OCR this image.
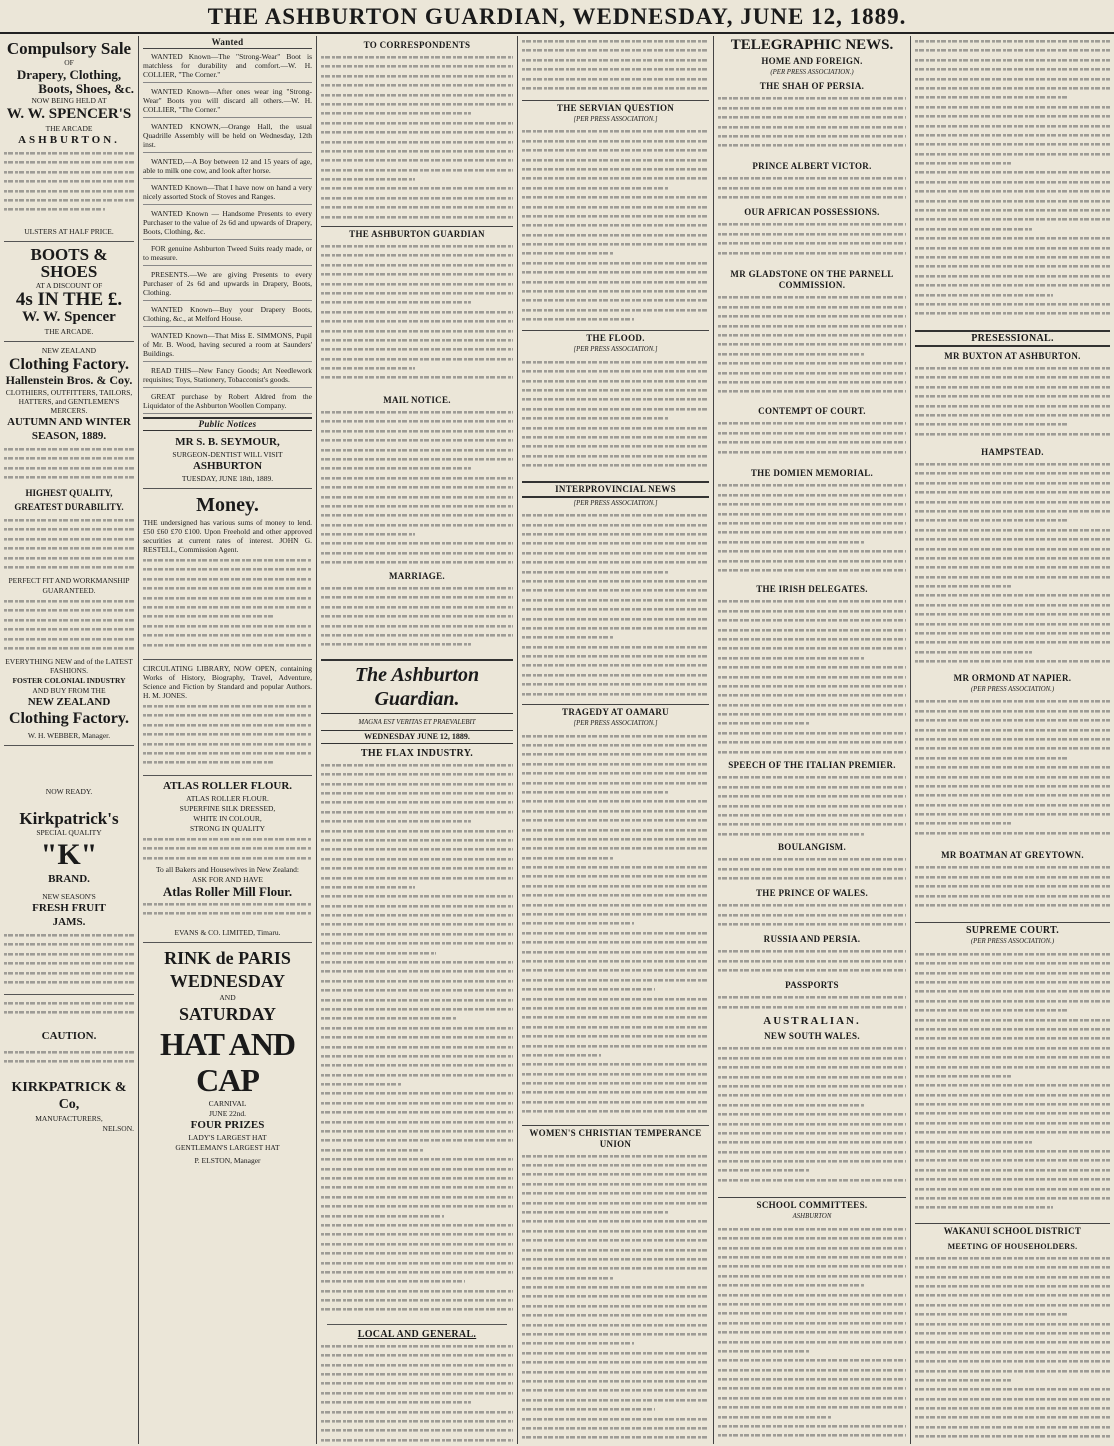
THE ASHBURTON GUARDIAN, WEDNESDAY, JUNE 12, 1889.

Compulsory Sale

OF

Drapery, Clothing,

Boots, Shoes, &c.

NOW BEING HELD AT

W. W. SPENCER'S

THE ARCADE

ASHBURTON.

ULSTERS AT HALF PRICE.

BOOTS & SHOES

AT A DISCOUNT OF

4s IN THE £.

W. W. Spencer

THE ARCADE.

NEW ZEALAND

Clothing Factory.

Hallenstein Bros. & Coy.

CLOTHIERS, OUTFITTERS, TAILORS, HATTERS, and GENTLEMEN'S MERCERS.

AUTUMN AND WINTER

SEASON, 1889.

HIGHEST QUALITY,

GREATEST DURABILITY.

PERFECT FIT AND WORKMANSHIP

GUARANTEED.

EVERYTHING NEW and of the LATEST FASHIONS.

FOSTER COLONIAL INDUSTRY

AND BUY FROM THE

NEW ZEALAND

Clothing Factory.

W. H. WEBBER, Manager.

NOW READY.

Kirkpatrick's

SPECIAL QUALITY

"K"

BRAND.

NEW SEASON'S

FRESH FRUIT

JAMS.

CAUTION.

KIRKPATRICK & Co,

MANUFACTURERS,

NELSON.

Wanted
WANTED Known—The "Strong-Wear" Boot is matchless for durability and comfort.—W. H. COLLIER, "The Corner."
WANTED Known—After ones wear ing "Strong-Wear" Boots you will discard all others.—W. H. COLLIER, "The Corner."
WANTED KNOWN,—Orange Hall, the usual Quadrille Assembly will be held on Wednesday, 12th inst.
WANTED,—A Boy between 12 and 15 years of age, able to milk one cow, and look after horse.
WANTED Known—That I have now on hand a very nicely assorted Stock of Stoves and Ranges.
WANTED Known — Handsome Presents to every Purchaser to the value of 2s 6d and upwards of Drapery, Boots, Clothing, &c.
FOR genuine Ashburton Tweed Suits ready made, or to measure.
PRESENTS.—We are giving Presents to every Purchaser of 2s 6d and upwards in Drapery, Boots, Clothing.
WANTED Known—Buy your Drapery Boots, Clothing, &c., at Melford House.
WANTED Known—That Miss E. SIMMONS, Pupil of Mr. B. Wood, having secured a room at Saunders' Buildings.
READ THIS—New Fancy Goods; Art Needlework requisites; Toys, Stationery, Tobacconist's goods.
GREAT purchase by Robert Aldred from the Liquidator of the Ashburton Woollen Company.
Public Notices

MR S. B. SEYMOUR,

SURGEON-DENTIST WILL VISIT

ASHBURTON

TUESDAY, JUNE 18th, 1889.

Money.

THE undersigned has various sums of money to lend. £50 £60 £70 £100. Upon Freehold and other approved securities at current rates of interest. JOHN G. RESTELL, Commission Agent.

CIRCULATING LIBRARY, NOW OPEN, containing Works of History, Biography, Travel, Adventure, Science and Fiction by Standard and popular Authors. H. M. JONES.

ATLAS ROLLER FLOUR.

ATLAS ROLLER FLOUR.

SUPERFINE SILK DRESSED,

WHITE IN COLOUR,

STRONG IN QUALITY

To all Bakers and Housewives in New Zealand:

ASK FOR AND HAVE

Atlas Roller Mill Flour.

EVANS & CO. LIMITED, Timaru.

RINK de PARIS

WEDNESDAY

AND

SATURDAY

HAT AND CAP

CARNIVAL

JUNE 22nd.

FOUR PRIZES

LADY'S LARGEST HAT

GENTLEMAN'S LARGEST HAT

P. ELSTON, Manager

TO CORRESPONDENTS
THE ASHBURTON GUARDIAN
MAIL NOTICE.
MARRIAGE.
The Ashburton Guardian.
MAGNA EST VERITAS ET PRAEVALEBIT
WEDNESDAY JUNE 12, 1889.
THE FLAX INDUSTRY.
LOCAL AND GENERAL.
THE SERVIAN QUESTION
[PER PRESS ASSOCIATION.]
THE FLOOD.
[PER PRESS ASSOCIATION.]
INTERPROVINCIAL NEWS
[PER PRESS ASSOCIATION.]
TRAGEDY AT OAMARU
[PER PRESS ASSOCIATION.]
WOMEN'S CHRISTIAN TEMPERANCE UNION
TELEGRAPHIC NEWS.
HOME AND FOREIGN.
(PER PRESS ASSOCIATION.)
THE SHAH OF PERSIA.
PRINCE ALBERT VICTOR.
OUR AFRICAN POSSESSIONS.
MR GLADSTONE ON THE PARNELL COMMISSION.
CONTEMPT OF COURT.
THE DOMIEN MEMORIAL.
THE IRISH DELEGATES.
SPEECH OF THE ITALIAN PREMIER.
BOULANGISM.
THE PRINCE OF WALES.
RUSSIA AND PERSIA.
PASSPORTS
AUSTRALIAN.
NEW SOUTH WALES.
SCHOOL COMMITTEES.
ASHBURTON
PRESESSIONAL.
MR BUXTON AT ASHBURTON.
HAMPSTEAD.
MR ORMOND AT NAPIER.
(PER PRESS ASSOCIATION.)
MR BOATMAN AT GREYTOWN.
SUPREME COURT.
(PER PRESS ASSOCIATION.)
WAKANUI SCHOOL DISTRICT
MEETING OF HOUSEHOLDERS.
